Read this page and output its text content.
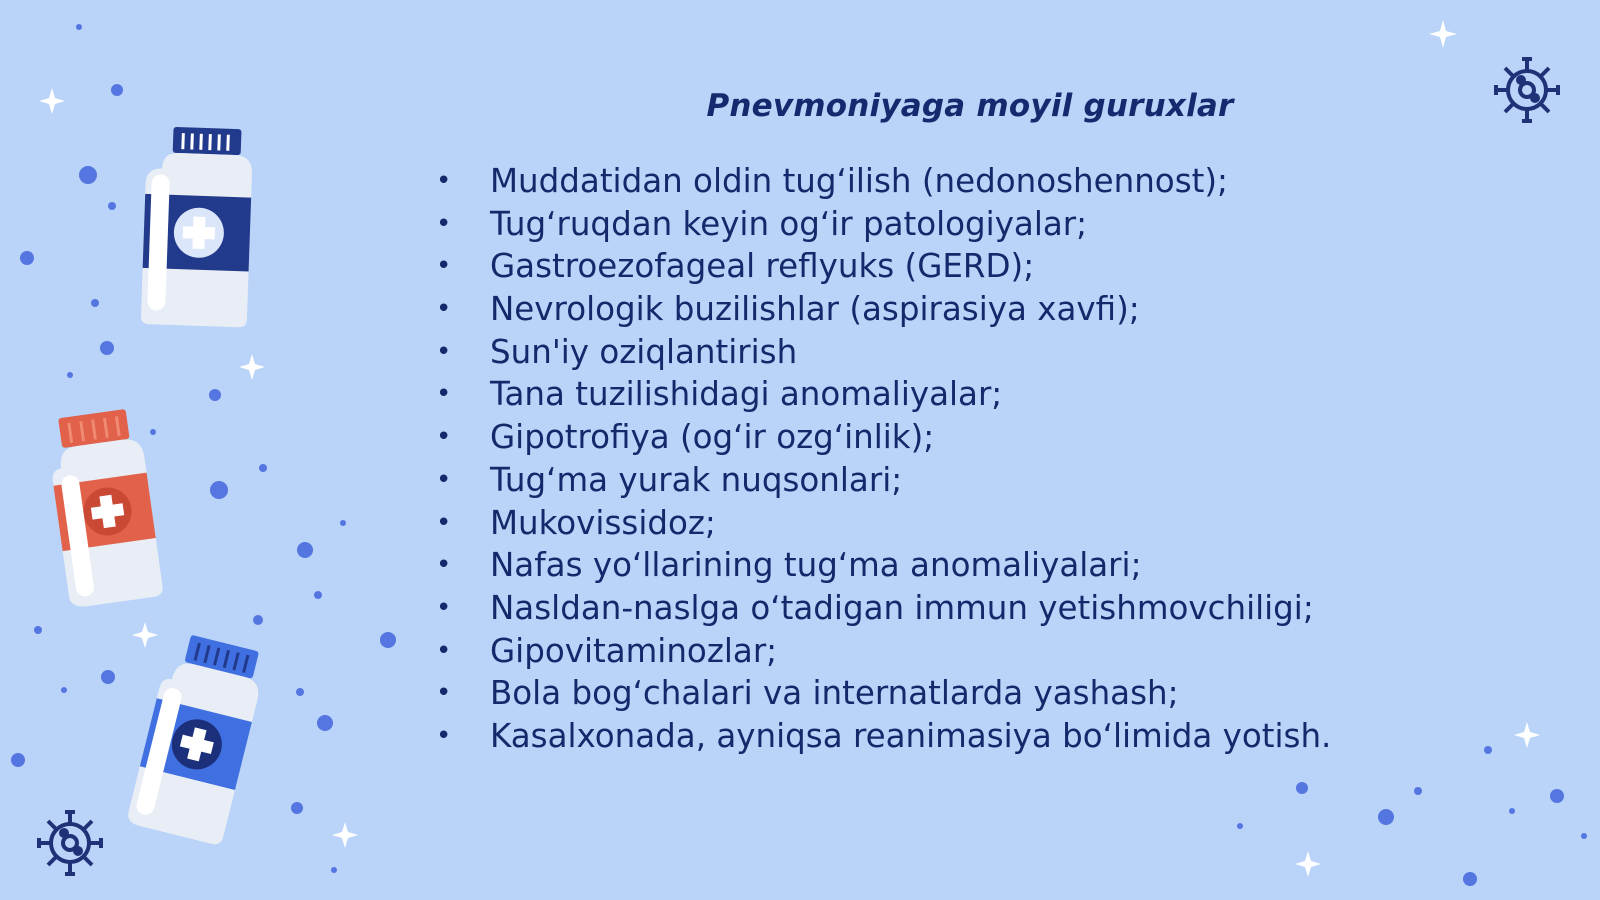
Pnevmoniyaga moyil guruxlar
• Muddatidan oldin tugʻilish (nedonoshennost);
• Tugʻruqdan keyin ogʻir patologiyalar;
• Gastroezofageal reflyuks (GERD);
• Nevrologik buzilishlar (aspirasiya xavfi);
• Sun'iy oziqlantirish
• Tana tuzilishidagi anomaliyalar;
• Gipotrofiya (ogʻir ozgʻinlik);
• Tugʻma yurak nuqsonlari;
• Mukovissidoz;
• Nafas yoʻllarining tugʻma anomaliyalari;
• Nasldan-naslga oʻtadigan immun yetishmovchiligi;
• Gipovitaminozlar;
• Bola bogʻchalari va internatlarda yashash;
• Kasalxonada, ayniqsa reanimasiya boʻlimida yotish.
